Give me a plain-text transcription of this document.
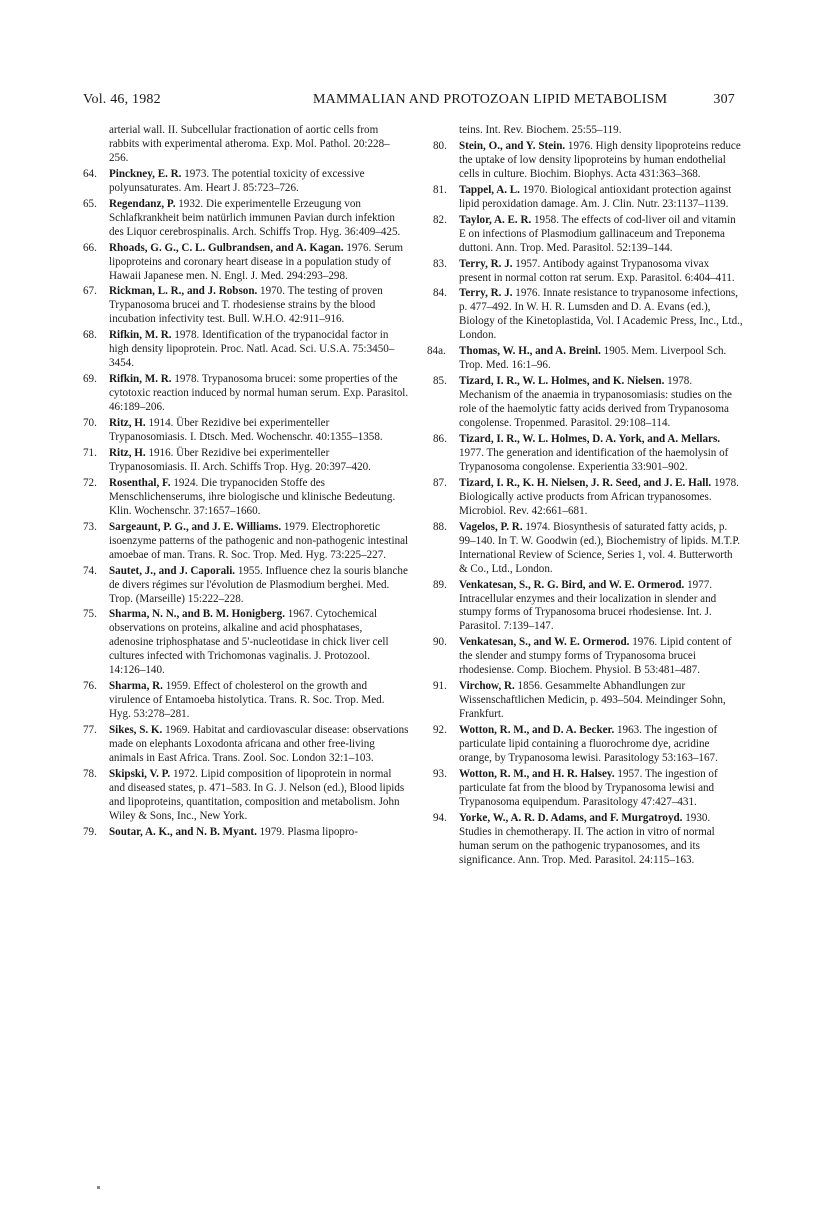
Vol. 46, 1982	MAMMALIAN AND PROTOZOAN LIPID METABOLISM	307
arterial wall. II. Subcellular fractionation of aortic cells from rabbits with experimental atheroma. Exp. Mol. Pathol. 20:228–256.
64. Pinckney, E. R. 1973. The potential toxicity of excessive polyunsaturates. Am. Heart J. 85:723–726.
65. Regendanz, P. 1932. Die experimentelle Erzeugung von Schlafkrankheit beim natürlich immunen Pavian durch infektion des Liquor cerebrospinalis. Arch. Schiffs Trop. Hyg. 36:409–425.
66. Rhoads, G. G., C. L. Gulbrandsen, and A. Kagan. 1976. Serum lipoproteins and coronary heart disease in a population study of Hawaii Japanese men. N. Engl. J. Med. 294:293–298.
67. Rickman, L. R., and J. Robson. 1970. The testing of proven Trypanosoma brucei and T. rhodesiense strains by the blood incubation infectivity test. Bull. W.H.O. 42:911–916.
68. Rifkin, M. R. 1978. Identification of the trypanocidal factor in high density lipoprotein. Proc. Natl. Acad. Sci. U.S.A. 75:3450–3454.
69. Rifkin, M. R. 1978. Trypanosoma brucei: some properties of the cytotoxic reaction induced by normal human serum. Exp. Parasitol. 46:189–206.
70. Ritz, H. 1914. Über Rezidive bei experimenteller Trypanosomiasis. I. Dtsch. Med. Wochenschr. 40:1355–1358.
71. Ritz, H. 1916. Über Rezidive bei experimenteller Trypanosomiasis. II. Arch. Schiffs Trop. Hyg. 20:397–420.
72. Rosenthal, F. 1924. Die trypanociden Stoffe des Menschlichenserums, ihre biologische und klinische Bedeutung. Klin. Wochenschr. 37:1657–1660.
73. Sargeaunt, P. G., and J. E. Williams. 1979. Electrophoretic isoenzyme patterns of the pathogenic and non-pathogenic intestinal amoebae of man. Trans. R. Soc. Trop. Med. Hyg. 73:225–227.
74. Sautet, J., and J. Caporali. 1955. Influence chez la souris blanche de divers régimes sur l'évolution de Plasmodium berghei. Med. Trop. (Marseille) 15:222–228.
75. Sharma, N. N., and B. M. Honigberg. 1967. Cytochemical observations on proteins, alkaline and acid phosphatases, adenosine triphosphatase and 5'-nucleotidase in chick liver cell cultures infected with Trichomonas vaginalis. J. Protozool. 14:126–140.
76. Sharma, R. 1959. Effect of cholesterol on the growth and virulence of Entamoeba histolytica. Trans. R. Soc. Trop. Med. Hyg. 53:278–281.
77. Sikes, S. K. 1969. Habitat and cardiovascular disease: observations made on elephants Loxodonta africana and other free-living animals in East Africa. Trans. Zool. Soc. London 32:1–103.
78. Skipski, V. P. 1972. Lipid composition of lipoprotein in normal and diseased states, p. 471–583. In G. J. Nelson (ed.), Blood lipids and lipoproteins, quantitation, composition and metabolism. John Wiley & Sons, Inc., New York.
79. Soutar, A. K., and N. B. Myant. 1979. Plasma lipopro-
teins. Int. Rev. Biochem. 25:55–119.
80. Stein, O., and Y. Stein. 1976. High density lipoproteins reduce the uptake of low density lipoproteins by human endothelial cells in culture. Biochim. Biophys. Acta 431:363–368.
81. Tappel, A. L. 1970. Biological antioxidant protection against lipid peroxidation damage. Am. J. Clin. Nutr. 23:1137–1139.
82. Taylor, A. E. R. 1958. The effects of cod-liver oil and vitamin E on infections of Plasmodium gallinaceum and Treponema duttoni. Ann. Trop. Med. Parasitol. 52:139–144.
83. Terry, R. J. 1957. Antibody against Trypanosoma vivax present in normal cotton rat serum. Exp. Parasitol. 6:404–411.
84. Terry, R. J. 1976. Innate resistance to trypanosome infections, p. 477–492. In W. H. R. Lumsden and D. A. Evans (ed.), Biology of the Kinetoplastida, Vol. I Academic Press, Inc., Ltd., London.
84a. Thomas, W. H., and A. Breinl. 1905. Mem. Liverpool Sch. Trop. Med. 16:1–96.
85. Tizard, I. R., W. L. Holmes, and K. Nielsen. 1978. Mechanism of the anaemia in trypanosomiasis: studies on the role of the haemolytic fatty acids derived from Trypanosoma congolense. Tropenmed. Parasitol. 29:108–114.
86. Tizard, I. R., W. L. Holmes, D. A. York, and A. Mellars. 1977. The generation and identification of the haemolysin of Trypanosoma congolense. Experientia 33:901–902.
87. Tizard, I. R., K. H. Nielsen, J. R. Seed, and J. E. Hall. 1978. Biologically active products from African trypanosomes. Microbiol. Rev. 42:661–681.
88. Vagelos, P. R. 1974. Biosynthesis of saturated fatty acids, p. 99–140. In T. W. Goodwin (ed.), Biochemistry of lipids. M.T.P. International Review of Science, Series 1, vol. 4. Butterworth & Co., Ltd., London.
89. Venkatesan, S., R. G. Bird, and W. E. Ormerod. 1977. Intracellular enzymes and their localization in slender and stumpy forms of Trypanosoma brucei rhodesiense. Int. J. Parasitol. 7:139–147.
90. Venkatesan, S., and W. E. Ormerod. 1976. Lipid content of the slender and stumpy forms of Trypanosoma brucei rhodesiense. Comp. Biochem. Physiol. B 53:481–487.
91. Virchow, R. 1856. Gesammelte Abhandlungen zur Wissenschaftlichen Medicin, p. 493–504. Meindinger Sohn, Frankfurt.
92. Wotton, R. M., and D. A. Becker. 1963. The ingestion of particulate lipid containing a fluorochrome dye, acridine orange, by Trypanosoma lewisi. Parasitology 53:163–167.
93. Wotton, R. M., and H. R. Halsey. 1957. The ingestion of particulate fat from the blood by Trypanosoma lewisi and Trypanosoma equipendum. Parasitology 47:427–431.
94. Yorke, W., A. R. D. Adams, and F. Murgatroyd. 1930. Studies in chemotherapy. II. The action in vitro of normal human serum on the pathogenic trypanosomes, and its significance. Ann. Trop. Med. Parasitol. 24:115–163.
